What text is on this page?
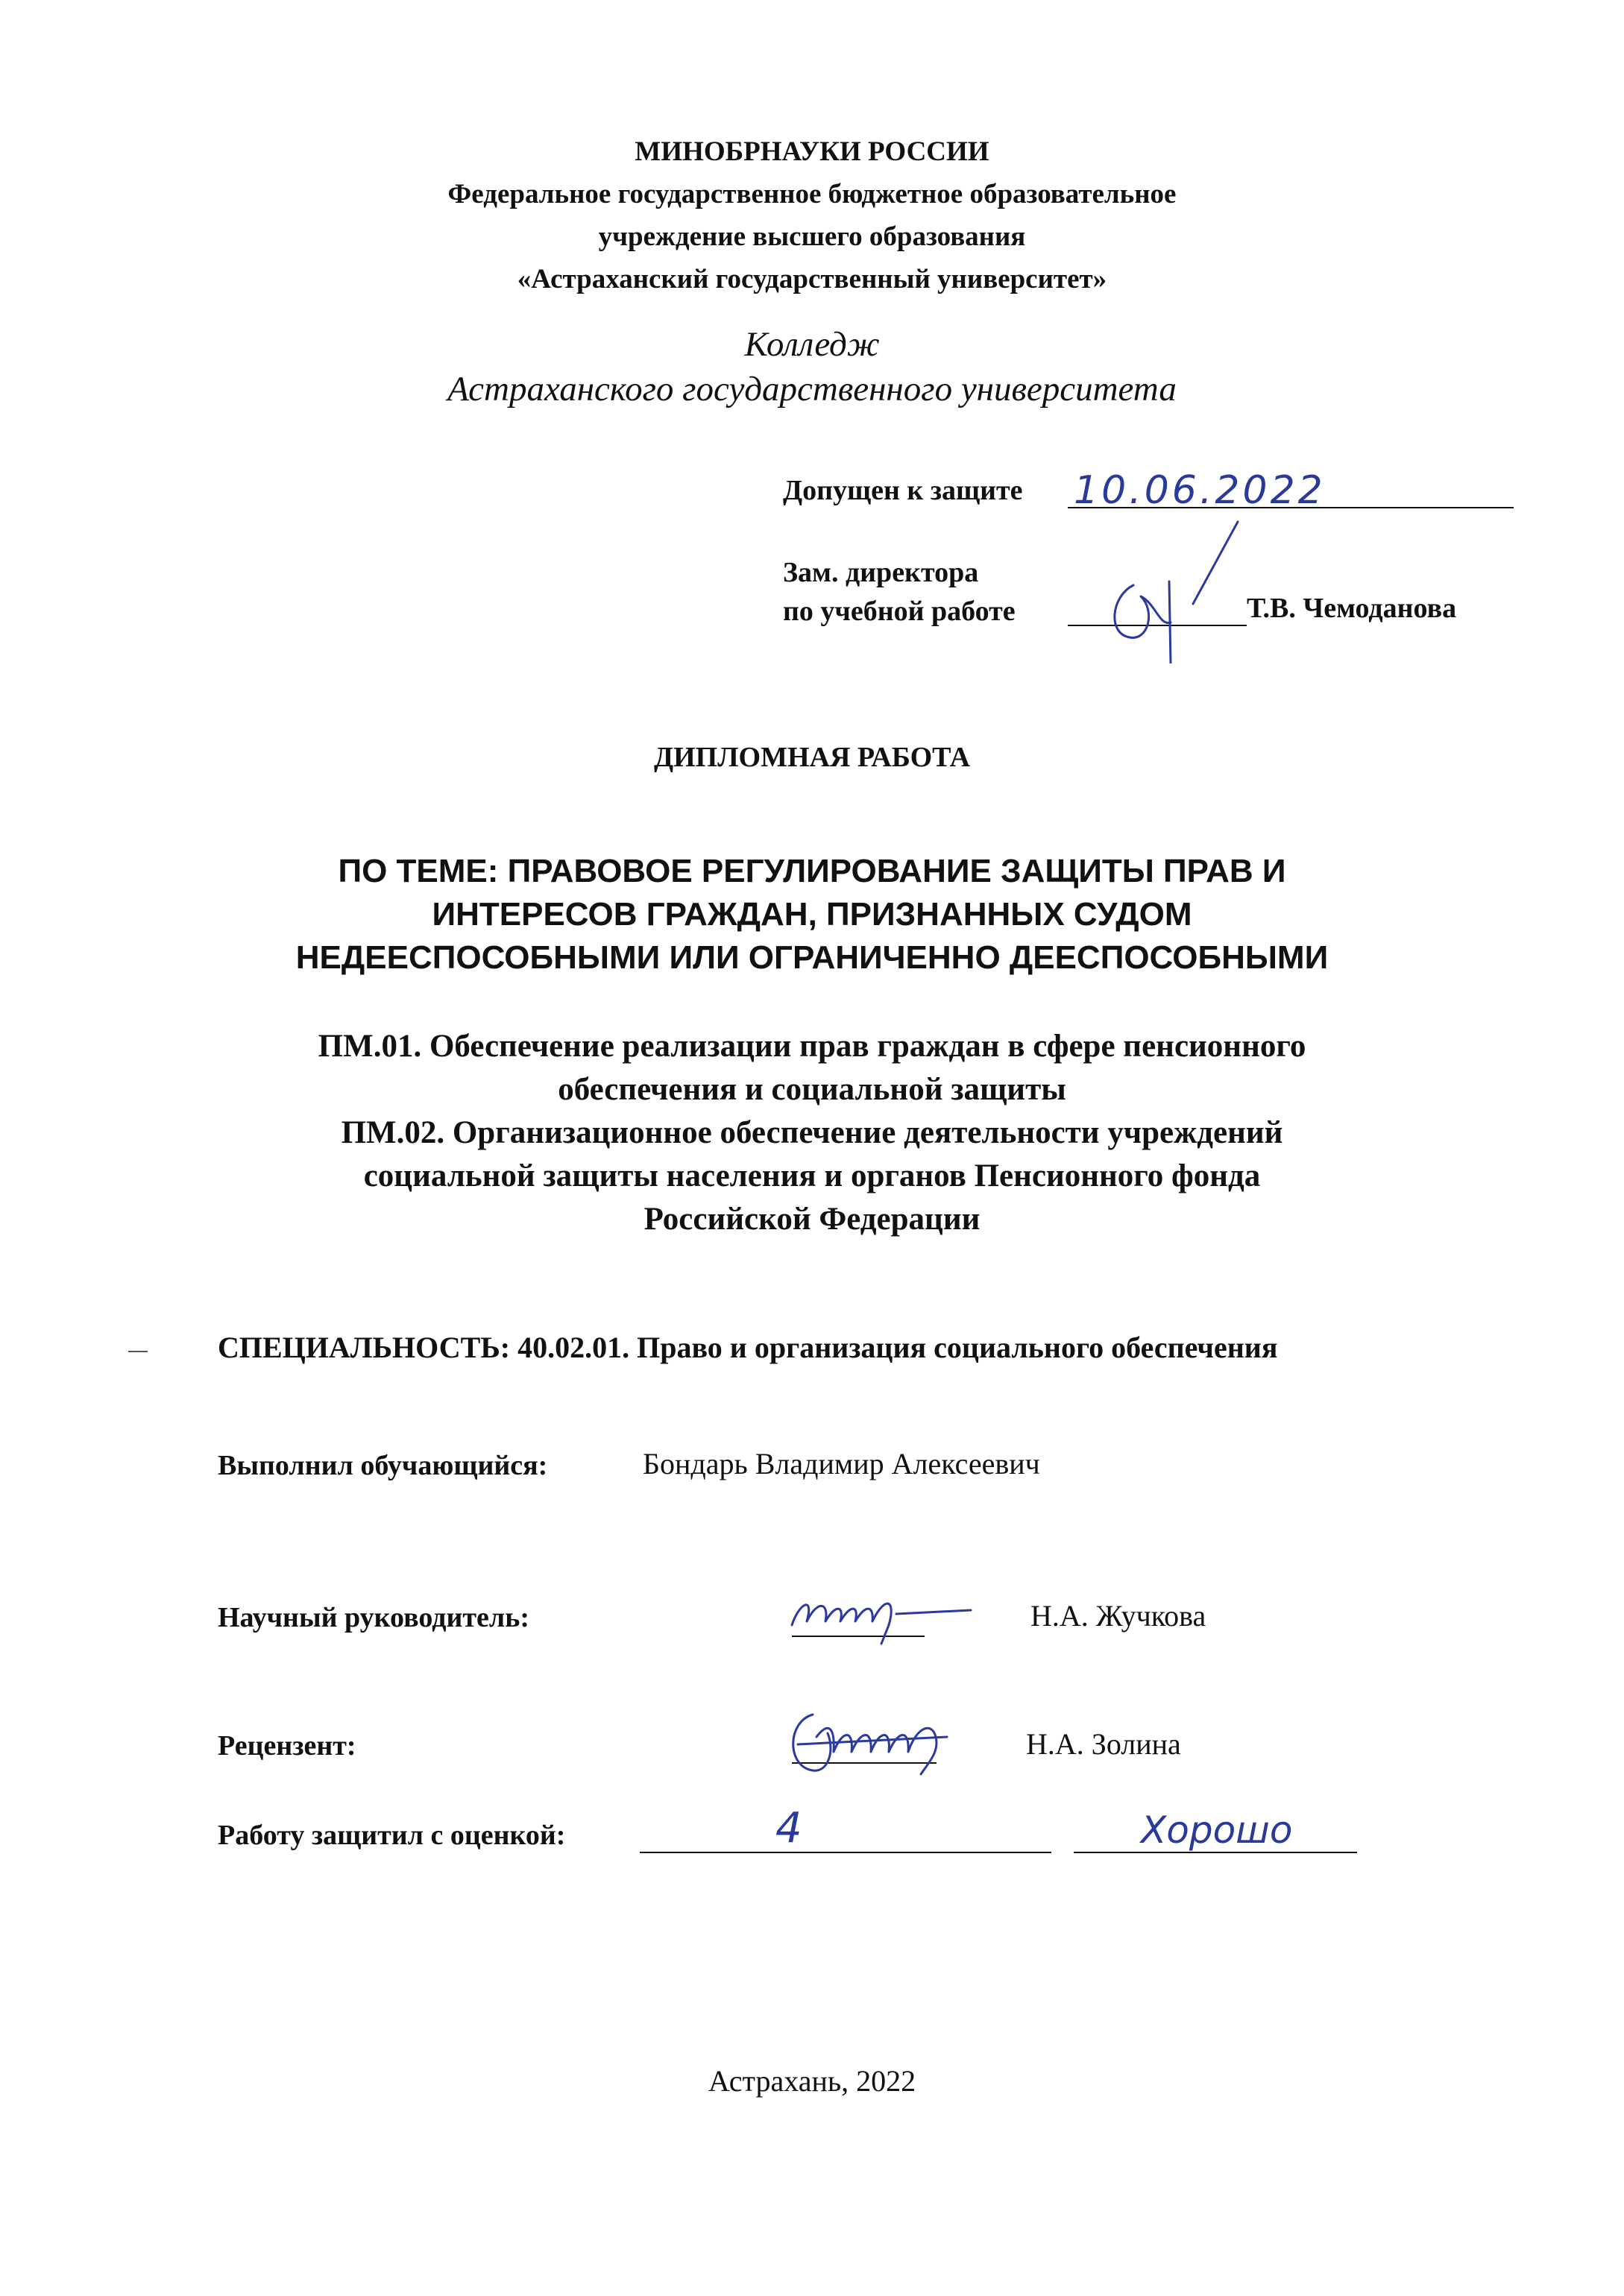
МИНОБРНАУКИ РОССИИ
Федеральное государственное бюджетное образовательное
учреждение высшего образования
«Астраханский государственный университет»
Колледж
Астраханского государственного университета
Допущен к защите 10.06.2022
Зам. директора
по учебной работе	Т.В. Чемоданова
ДИПЛОМНАЯ РАБОТА
ПО ТЕМЕ: ПРАВОВОЕ РЕГУЛИРОВАНИЕ ЗАЩИТЫ ПРАВ И
ИНТЕРЕСОВ ГРАЖДАН, ПРИЗНАННЫХ СУДОМ
НЕДЕЕСПОСОБНЫМИ ИЛИ ОГРАНИЧЕННО ДЕЕСПОСОБНЫМИ
ПМ.01. Обеспечение реализации прав граждан в сфере пенсионного
обеспечения и социальной защиты
ПМ.02. Организационное обеспечение деятельности учреждений
социальной защиты населения и органов Пенсионного фонда
Российской Федерации
СПЕЦИАЛЬНОСТЬ: 40.02.01. Право и организация социального обеспечения
Выполнил обучающийся:	Бондарь Владимир Алексеевич
Научный руководитель:	Н.А. Жучкова
Рецензент:	Н.А. Золина
Работу защитил с оценкой:	4	Хорошо
Астрахань, 2022
